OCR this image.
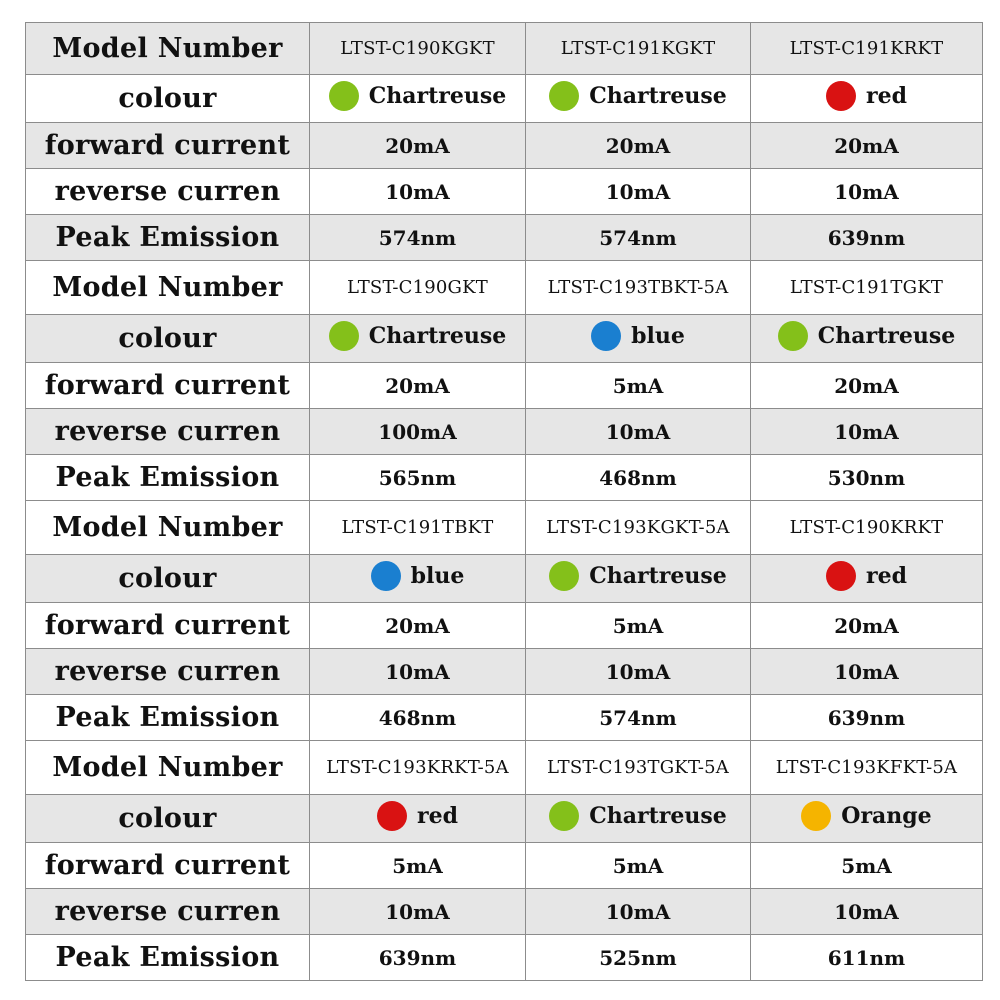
Model Number	LTST-C190KGKT	LTST-C191KGKT	LTST-C191KRKT
colour	Chartreuse	Chartreuse	red

forward current	20mA	20mA	20mA
reverse curren	10mA	10mA	10mA
Peak Emission	574nm	574nm	639nm
Model Number	LTST-C190GKT	LTST-C193TBKT-5A	LTST-C191TGKT
colour	Chartreuse	blue	Chartreuse

forward current	20mA	5mA	20mA
reverse curren	100mA	10mA	10mA
Peak Emission	565nm	468nm	530nm
Model Number	LTST-C191TBKT	LTST-C193KGKT-5A	LTST-C190KRKT
colour	blue	Chartreuse	red

forward current	20mA	5mA	20mA
reverse curren	10mA	10mA	10mA
Peak Emission	468nm	574nm	639nm
Model Number	LTST-C193KRKT-5A	LTST-C193TGKT-5A	LTST-C193KFKT-5A
colour	red	Chartreuse	Orange

forward current	5mA	5mA	5mA
reverse curren	10mA	10mA	10mA
Peak Emission	639nm	525nm	611nm
